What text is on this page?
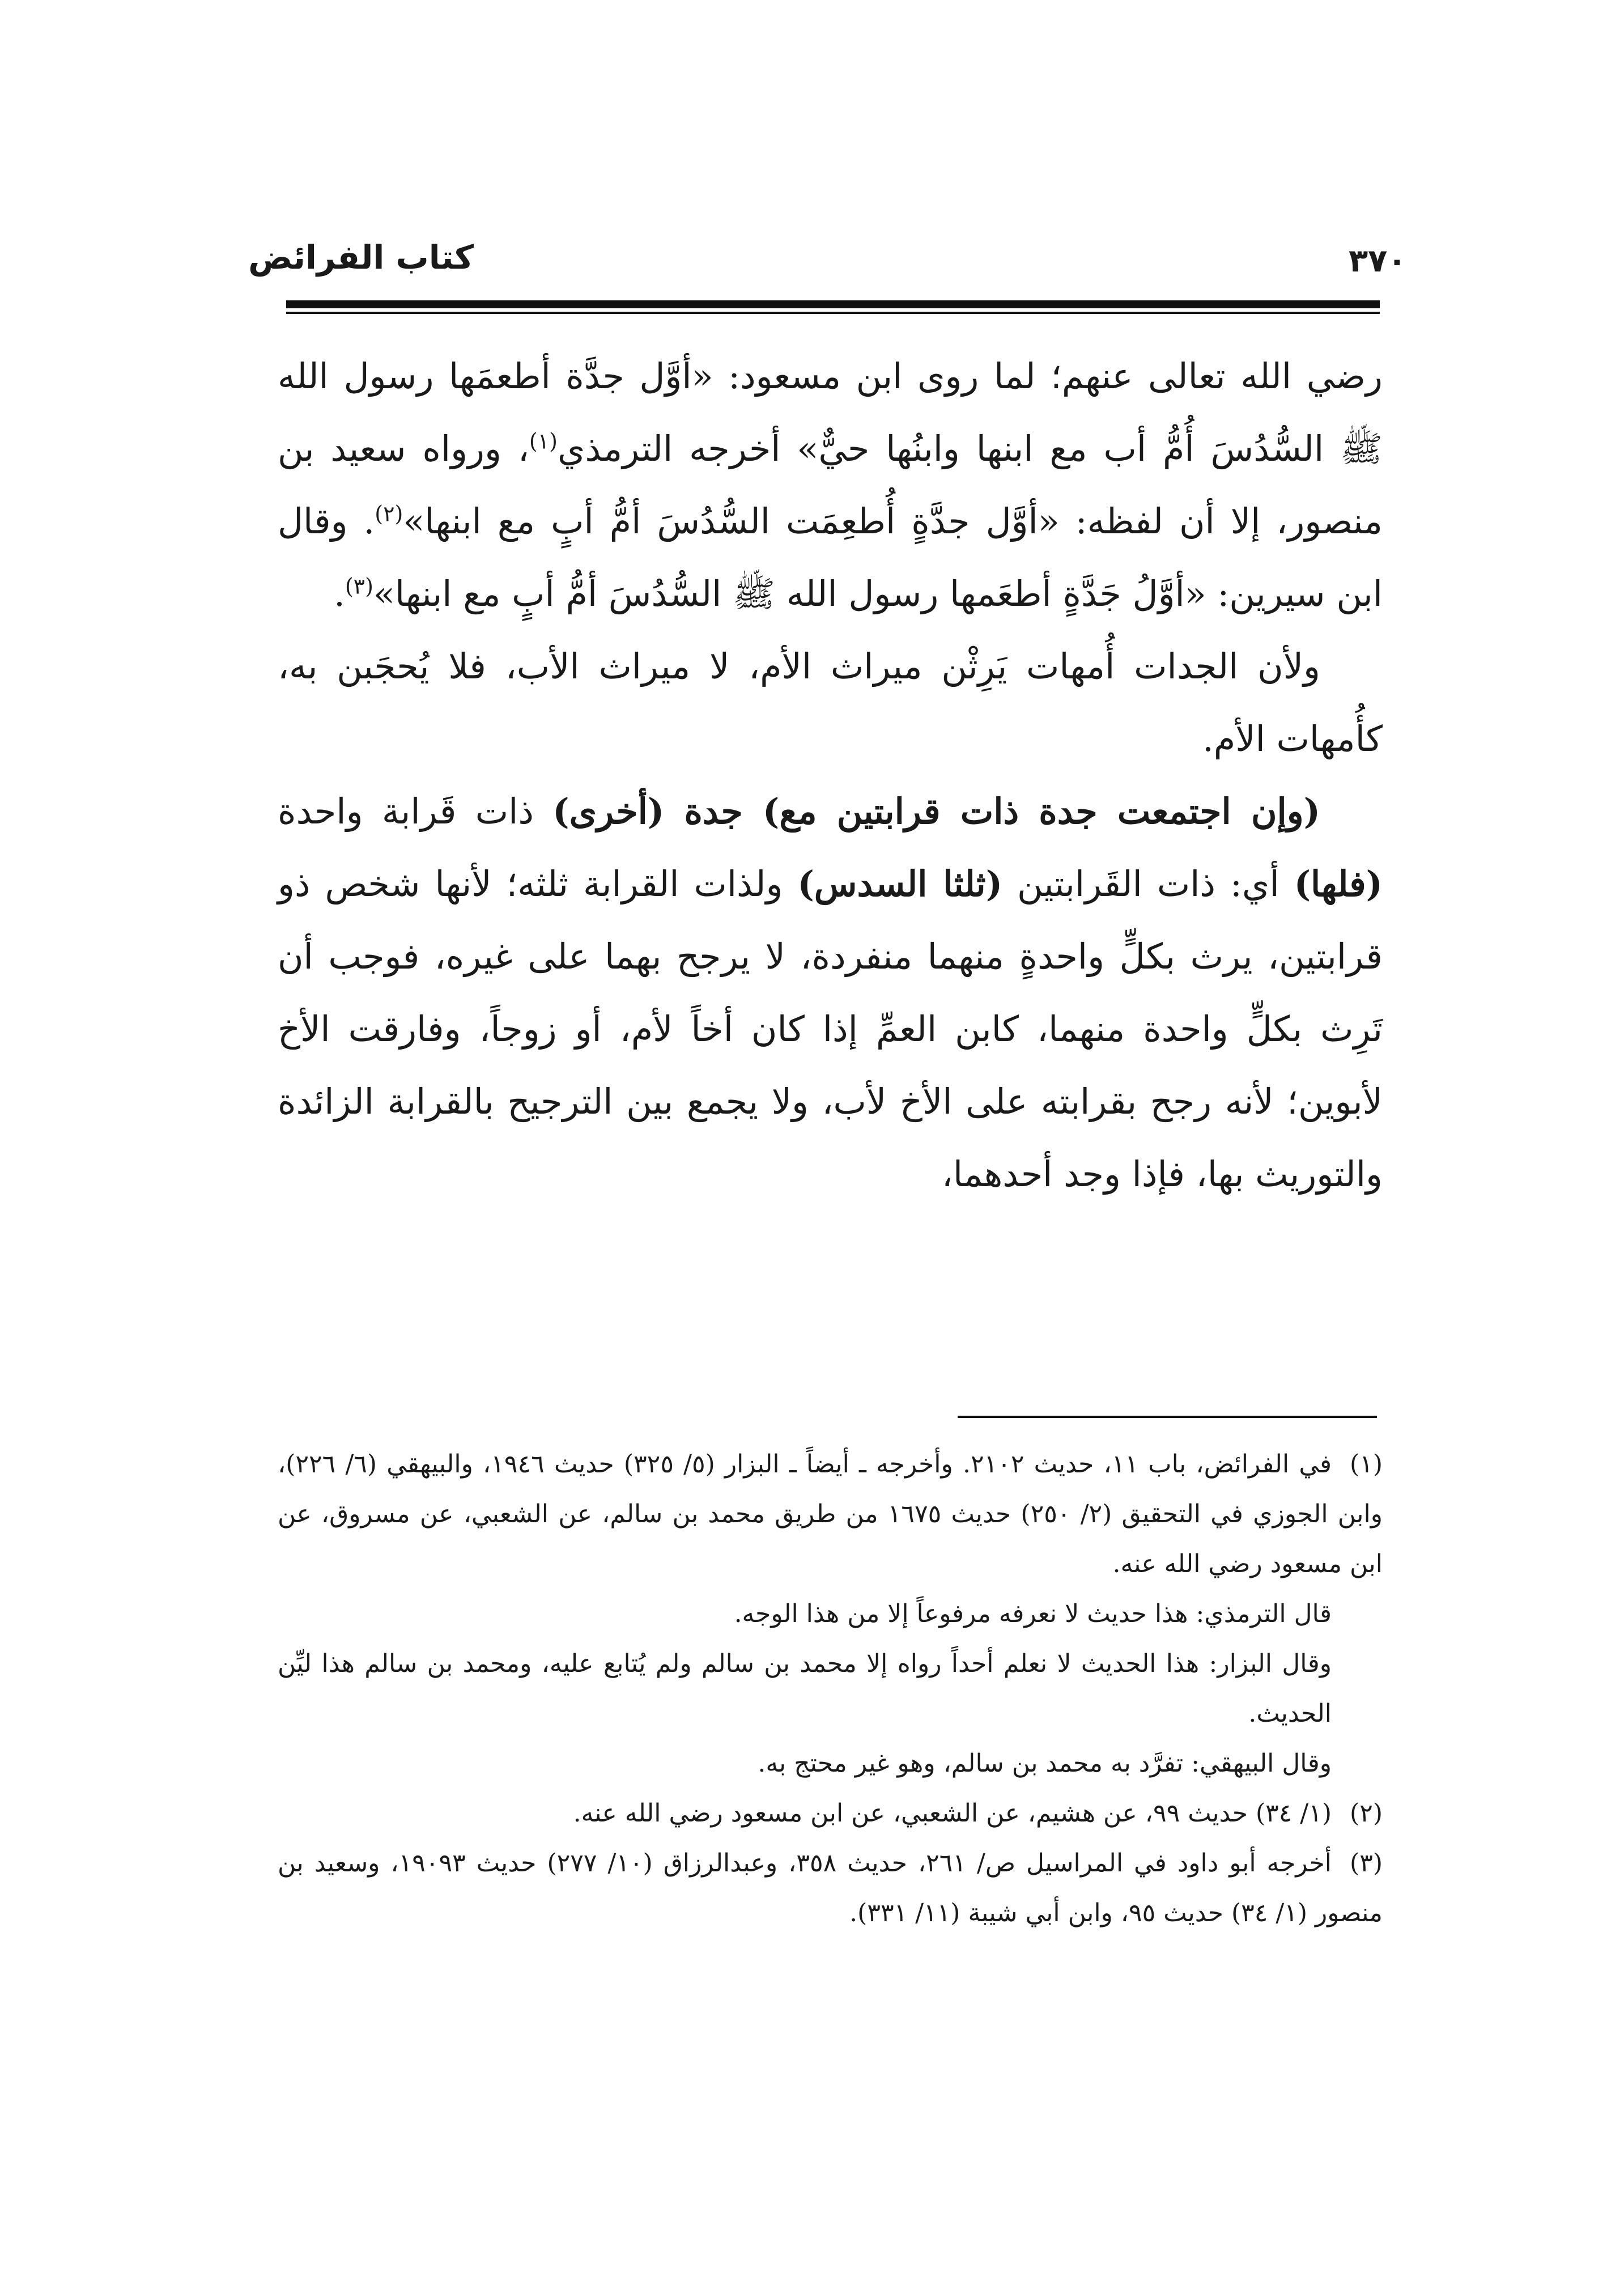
كتاب الفرائض	٣٧٠

رضي الله تعالى عنهم؛ لما روى ابن مسعود: «أوَّل جدَّة أطعمَها رسول الله ﷺ السُّدُسَ أُمُّ أب مع ابنها وابنُها حيٌّ» أخرجه الترمذي$^{(١)}$، ورواه سعيد بن منصور، إلا أن لفظه: «أوَّل جدَّةٍ أُطعِمَت السُّدُسَ أمُّ أبٍ مع ابنها»$^{(٢)}$. وقال ابن سيرين: «أوَّلُ جَدَّةٍ أطعَمها رسول الله ﷺ السُّدُسَ أمُّ أبٍ مع ابنها»$^{(٣)}$.

ولأن الجدات أُمهات يَرِثْن ميراث الأم، لا ميراث الأب، فلا يُحجَبن به، كأُمهات الأم.

(وإن اجتمعت جدة ذات قرابتين مع) جدة (أخرى) ذات قَرابة واحدة (فلها) أي: ذات القَرابتين (ثلثا السدس) ولذات القرابة ثلثه؛ لأنها شخص ذو قرابتين، يرث بكلٍّ واحدةٍ منهما منفردة، لا يرجح بهما على غيره، فوجب أن تَرِث بكلٍّ واحدة منهما، كابن العمِّ إذا كان أخاً لأم، أو زوجاً، وفارقت الأخ لأبوين؛ لأنه رجح بقرابته على الأخ لأب، ولا يجمع بين الترجيح بالقرابة الزائدة والتوريث بها، فإذا وجد أحدهما،

(١)في الفرائض، باب ١١، حديث ٢١٠٢. وأخرجه ـ أيضاً ـ البزار (٥/ ٣٢٥) حديث ١٩٤٦، والبيهقي (٦/ ٢٢٦)، وابن الجوزي في التحقيق (٢/ ٢٥٠) حديث ١٦٧٥ من طريق محمد بن سالم، عن الشعبي، عن مسروق، عن ابن مسعود رضي الله عنه.

قال الترمذي: هذا حديث لا نعرفه مرفوعاً إلا من هذا الوجه.

وقال البزار: هذا الحديث لا نعلم أحداً رواه إلا محمد بن سالم ولم يُتابع عليه، ومحمد بن سالم هذا ليِّن الحديث.

وقال البيهقي: تفرَّد به محمد بن سالم، وهو غير محتج به.

(٢)(١/ ٣٤) حديث ٩٩، عن هشيم، عن الشعبي، عن ابن مسعود رضي الله عنه.

(٣)أخرجه أبو داود في المراسيل ص/ ٢٦١، حديث ٣٥٨، وعبدالرزاق (١٠/ ٢٧٧) حديث ١٩٠٩٣، وسعيد بن منصور (١/ ٣٤) حديث ٩٥، وابن أبي شيبة (١١/ ٣٣١).
